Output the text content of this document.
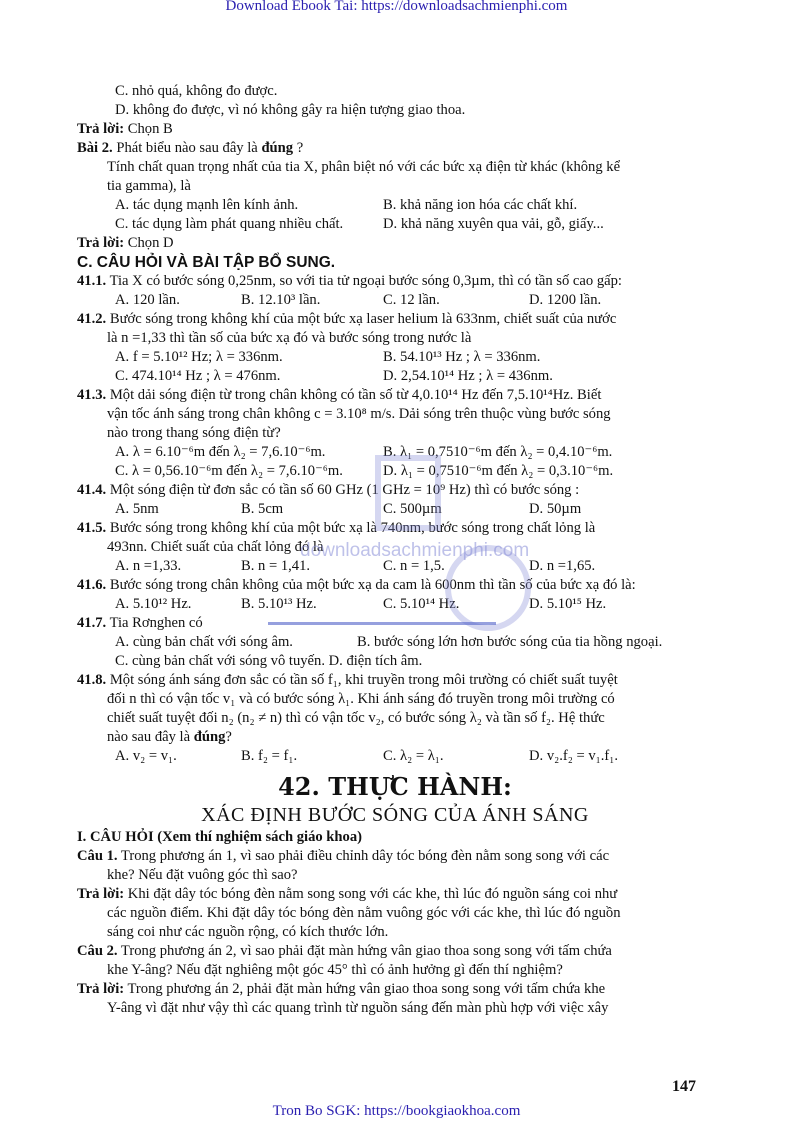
Download Ebook Tai: https://downloadsachmienphi.com
C. nhỏ quá, không đo được.
D. không đo được, vì nó không gây ra hiện tượng giao thoa.
Trả lời: Chọn B
Bài 2. Phát biểu nào sau đây là đúng ?
Tính chất quan trọng nhất của tia X, phân biệt nó với các bức xạ điện từ khác (không kể
tia gamma), là
A. tác dụng mạnh lên kính ảnh.	B. khả năng ion hóa các chất khí.
C. tác dụng làm phát quang nhiều chất.	D. khả năng xuyên qua vải, gỗ, giấy...
Trả lời: Chọn D
C. CÂU HỎI VÀ BÀI TẬP BỔ SUNG.
41.1. Tia X có bước sóng 0,25nm, so với tia tử ngoại bước sóng 0,3µm, thì có tần số cao gấp:
A. 120 lần.	B. 12.10³ lần.	C. 12 lần.	D. 1200 lần.
41.2. Bước sóng trong không khí của một bức xạ laser helium là 633nm, chiết suất của nước
là n =1,33 thì tần số của bức xạ đó và bước sóng trong nước là
A. f = 5.10¹² Hz; λ = 336nm.	B. 54.10¹³ Hz ; λ = 336nm.
C. 474.10¹⁴ Hz ; λ = 476nm.	D. 2,54.10¹⁴ Hz ; λ = 436nm.
41.3. Một dải sóng điện từ trong chân không có tần số từ 4,0.10¹⁴ Hz đến 7,5.10¹⁴Hz. Biết
vận tốc ánh sáng trong chân không c = 3.10⁸ m/s. Dải sóng trên thuộc vùng bước sóng
nào trong thang sóng điện từ?
A. λ = 6.10⁻⁶m đến λ₂ = 7,6.10⁻⁶m.	B. λ₁ = 0,7510⁻⁶m đến λ₂ = 0,4.10⁻⁶m.
C. λ = 0,56.10⁻⁶m đến λ₂ = 7,6.10⁻⁶m.	D. λ₁ = 0,7510⁻⁶m đến λ₂ = 0,3.10⁻⁶m.
41.4. Một sóng điện từ đơn sắc có tần số 60 GHz (1 GHz = 10⁹ Hz) thì có bước sóng :
A. 5nm	B. 5cm	C. 500µm	D. 50µm
41.5. Bước sóng trong không khí của một bức xạ là 740nm, bước sóng trong chất lỏng là
493nn. Chiết suất của chất lỏng đó là
A. n =1,33.	B. n = 1,41.	C. n = 1,5.	D. n =1,65.
41.6. Bước sóng trong chân không của một bức xạ da cam là 600nm thì tần số của bức xạ đó là:
A. 5.10¹² Hz.	B. 5.10¹³ Hz.	C. 5.10¹⁴ Hz.	D. 5.10¹⁵ Hz.
41.7. Tia Rơnghen có
A. cùng bản chất với sóng âm.	B. bước sóng lớn hơn bước sóng của tia hồng ngoại.
C. cùng bản chất với sóng vô tuyến. D. điện tích âm.
41.8. Một sóng ánh sáng đơn sắc có tần số f₁, khi truyền trong môi trường có chiết suất tuyệt
đối n thì có vận tốc v₁ và có bước sóng λ₁. Khi ánh sáng đó truyền trong môi trường có
chiết suất tuyệt đối n₂ (n₂ ≠ n) thì có vận tốc v₂, có bước sóng λ₂ và tần số f₂. Hệ thức
nào sau đây là đúng?
A. v₂ = v₁.	B. f₂ = f₁.	C. λ₂ = λ₁.	D. v₂.f₂ = v₁.f₁.
42. THỰC HÀNH:
XÁC ĐỊNH BƯỚC SÓNG CỦA ÁNH SÁNG
I. CÂU HỎI (Xem thí nghiệm sách giáo khoa)
Câu 1. Trong phương án 1, vì sao phải điều chỉnh dây tóc bóng đèn nằm song song với các
khe? Nếu đặt vuông góc thì sao?
Trả lời: Khi đặt dây tóc bóng đèn nằm song song với các khe, thì lúc đó nguồn sáng coi như
các nguồn điểm. Khi đặt dây tóc bóng đèn nằm vuông góc với các khe, thì lúc đó nguồn
sáng coi như các nguồn rộng, có kích thước lớn.
Câu 2. Trong phương án 2, vì sao phải đặt màn hứng vân giao thoa song song với tấm chứa
khe Y-âng? Nếu đặt nghiêng một góc 45° thì có ảnh hưởng gì đến thí nghiệm?
Trả lời: Trong phương án 2, phải đặt màn hứng vân giao thoa song song với tấm chứa khe
Y-âng vì đặt như vậy thì các quang trình từ nguồn sáng đến màn phù hợp với việc xây
downloadsachmienphi.com
147
Tron Bo SGK: https://bookgiaokhoa.com
